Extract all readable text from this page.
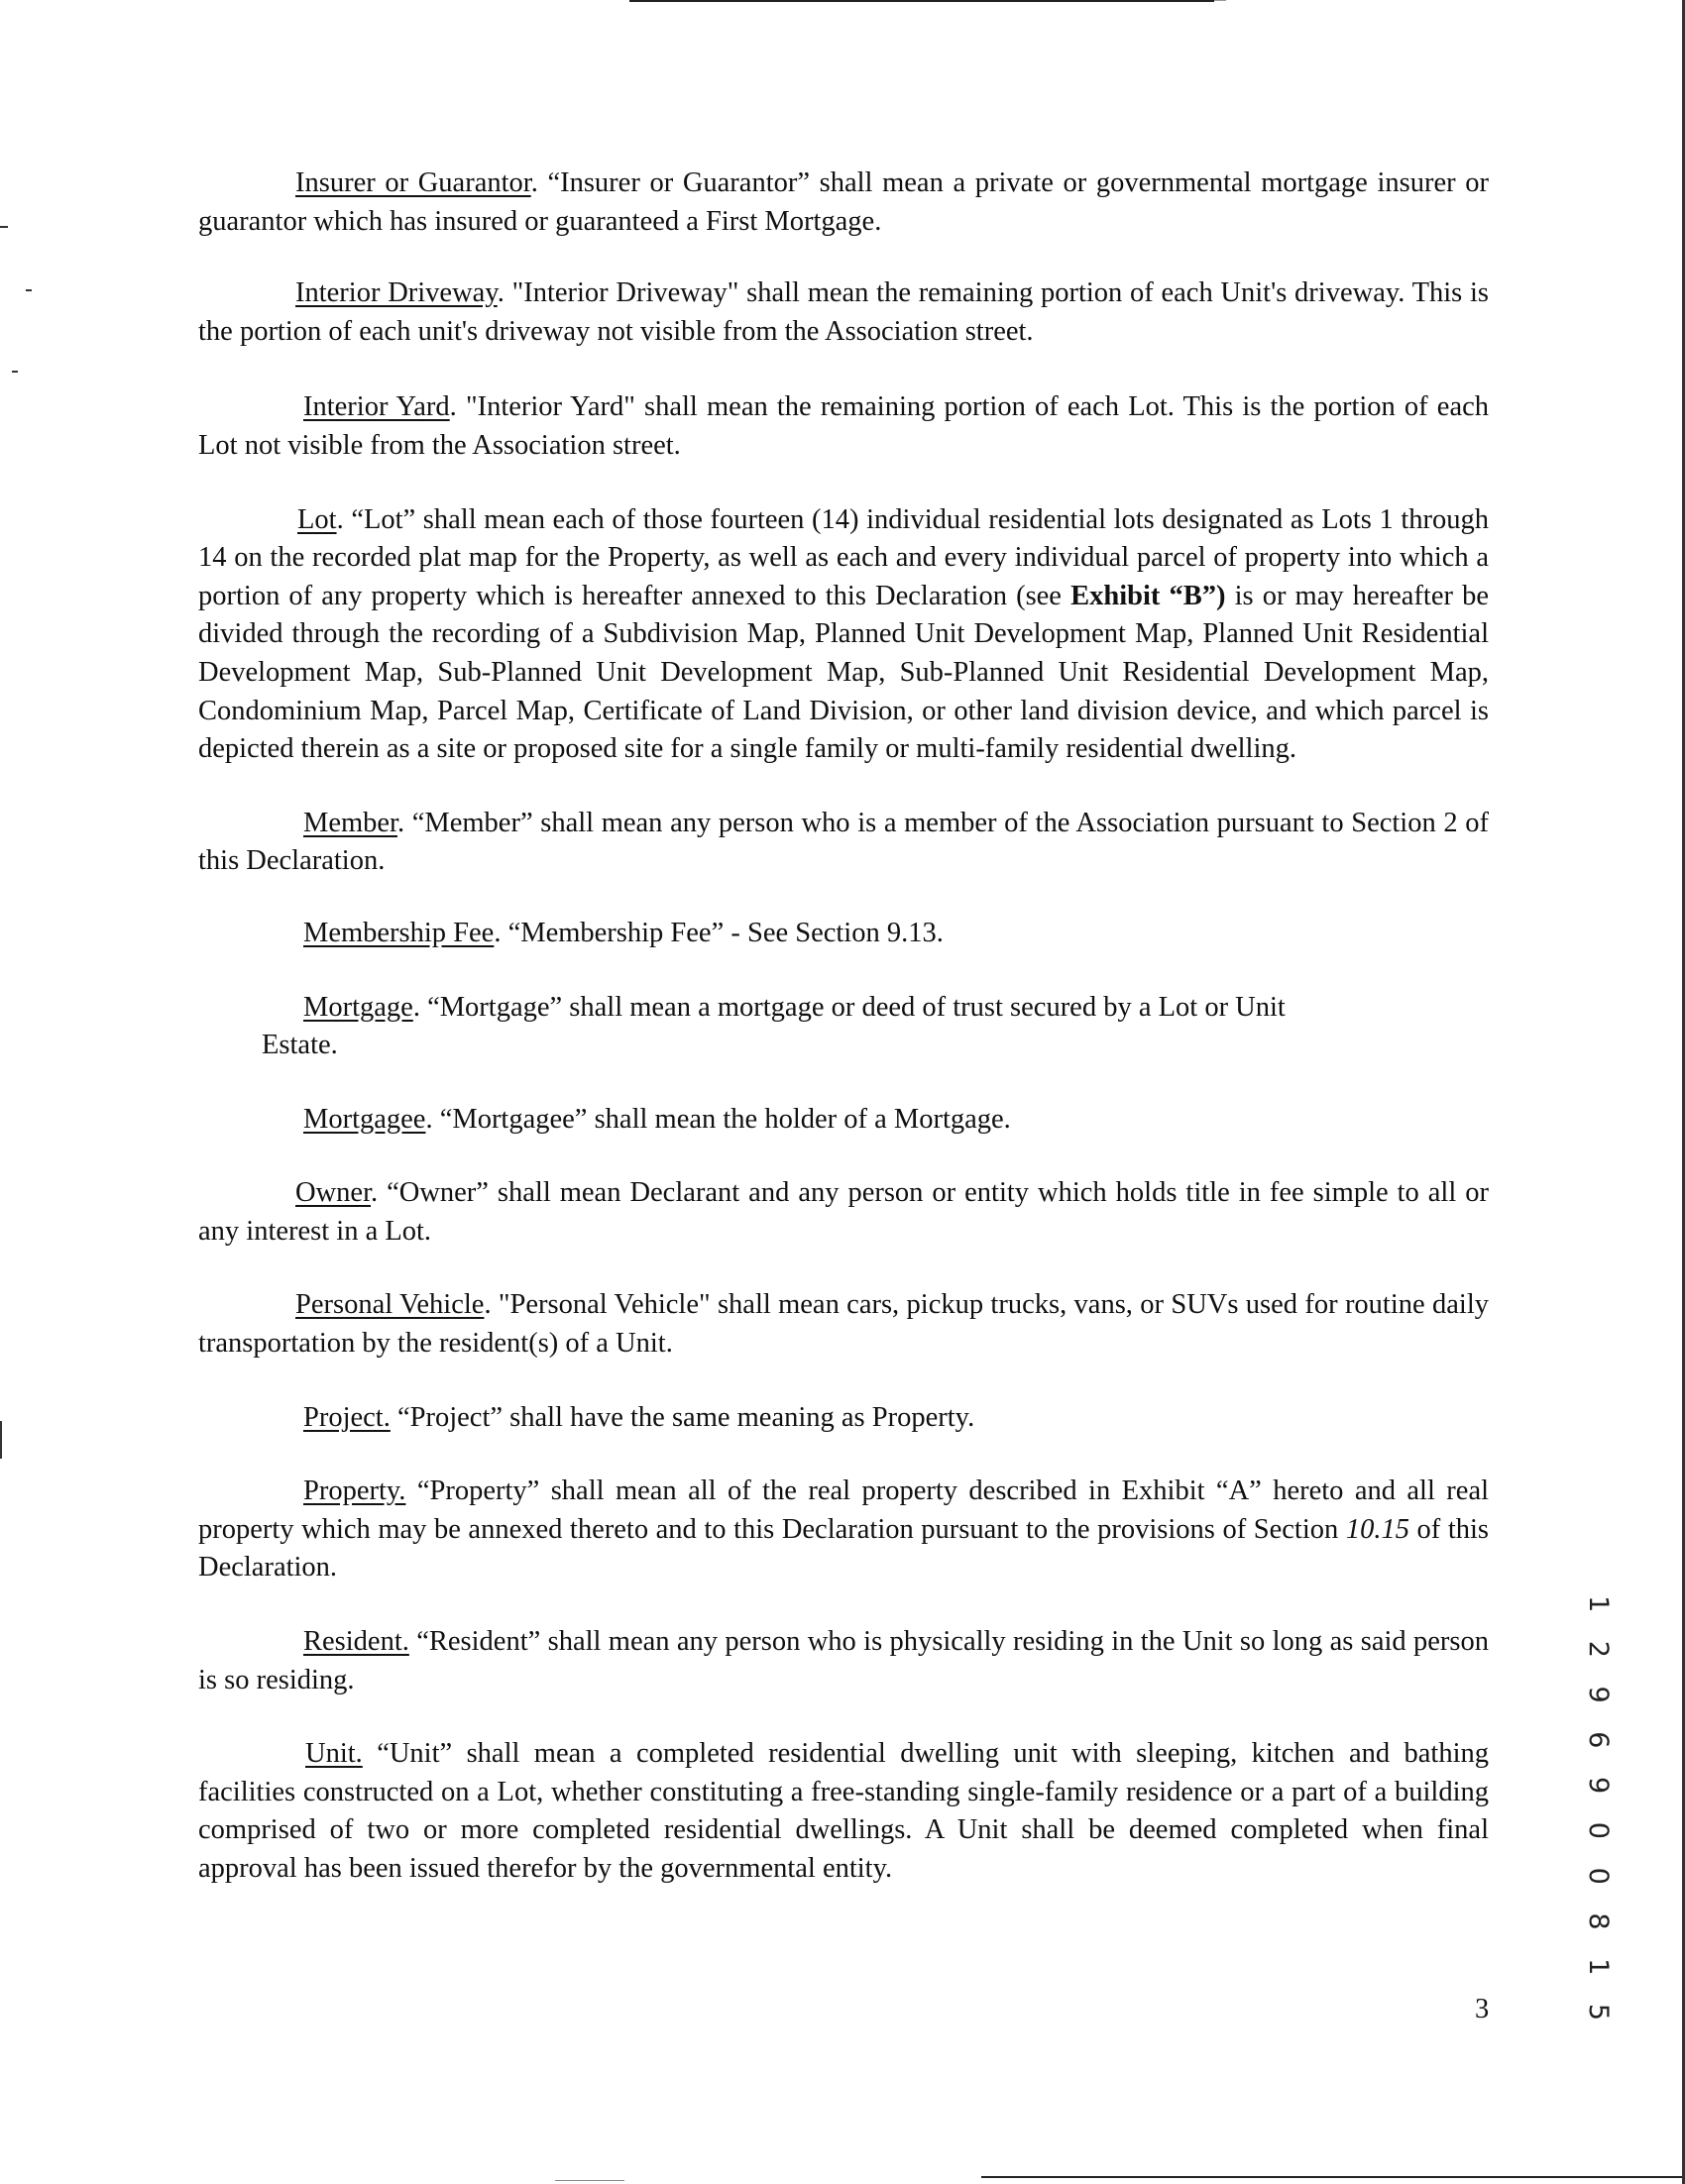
Insurer or Guarantor. “Insurer or Guarantor” shall mean a private or governmental mortgage insurer or guarantor which has insured or guaranteed a First Mortgage.

Interior Driveway. "Interior Driveway" shall mean the remaining portion of each Unit's driveway. This is the portion of each unit's driveway not visible from the Association street.

Interior Yard. "Interior Yard" shall mean the remaining portion of each Lot. This is the portion of each Lot not visible from the Association street.

Lot. “Lot” shall mean each of those fourteen (14) individual residential lots designated as Lots 1 through 14 on the recorded plat map for the Property, as well as each and every individual parcel of property into which a portion of any property which is hereafter annexed to this Declaration (see Exhibit “B”) is or may hereafter be divided through the recording of a Subdivision Map, Planned Unit Development Map, Planned Unit Residential Development Map, Sub-Planned Unit Development Map, Sub-Planned Unit Residential Development Map, Condominium Map, Parcel Map, Certificate of Land Division, or other land division device, and which parcel is depicted therein as a site or proposed site for a single family or multi-family residential dwelling.

Member. “Member” shall mean any person who is a member of the Association pursuant to Section 2 of this Declaration.

Membership Fee. “Membership Fee” - See Section 9.13.

Mortgage. “Mortgage” shall mean a mortgage or deed of trust secured by a Lot or Unit
Estate.

Mortgagee. “Mortgagee” shall mean the holder of a Mortgage.

Owner. “Owner” shall mean Declarant and any person or entity which holds title in fee simple to all or any interest in a Lot.

Personal Vehicle. "Personal Vehicle" shall mean cars, pickup trucks, vans, or SUVs used for routine daily transportation by the resident(s) of a Unit.

Project. “Project” shall have the same meaning as Property.

Property. “Property” shall mean all of the real property described in Exhibit “A” hereto and all real property which may be annexed thereto and to this Declaration pursuant to the provisions of Section 10.15 of this Declaration.

Resident. “Resident” shall mean any person who is physically residing in the Unit so long as said person is so residing.

Unit. “Unit” shall mean a completed residential dwelling unit with sleeping, kitchen and bathing facilities constructed on a Lot, whether constituting a free-standing single-family residence or a part of a building comprised of two or more completed residential dwellings. A Unit shall be deemed completed when final approval has been issued therefor by the governmental entity.	1 2 9 6 9 0 0 8 1 5
3
